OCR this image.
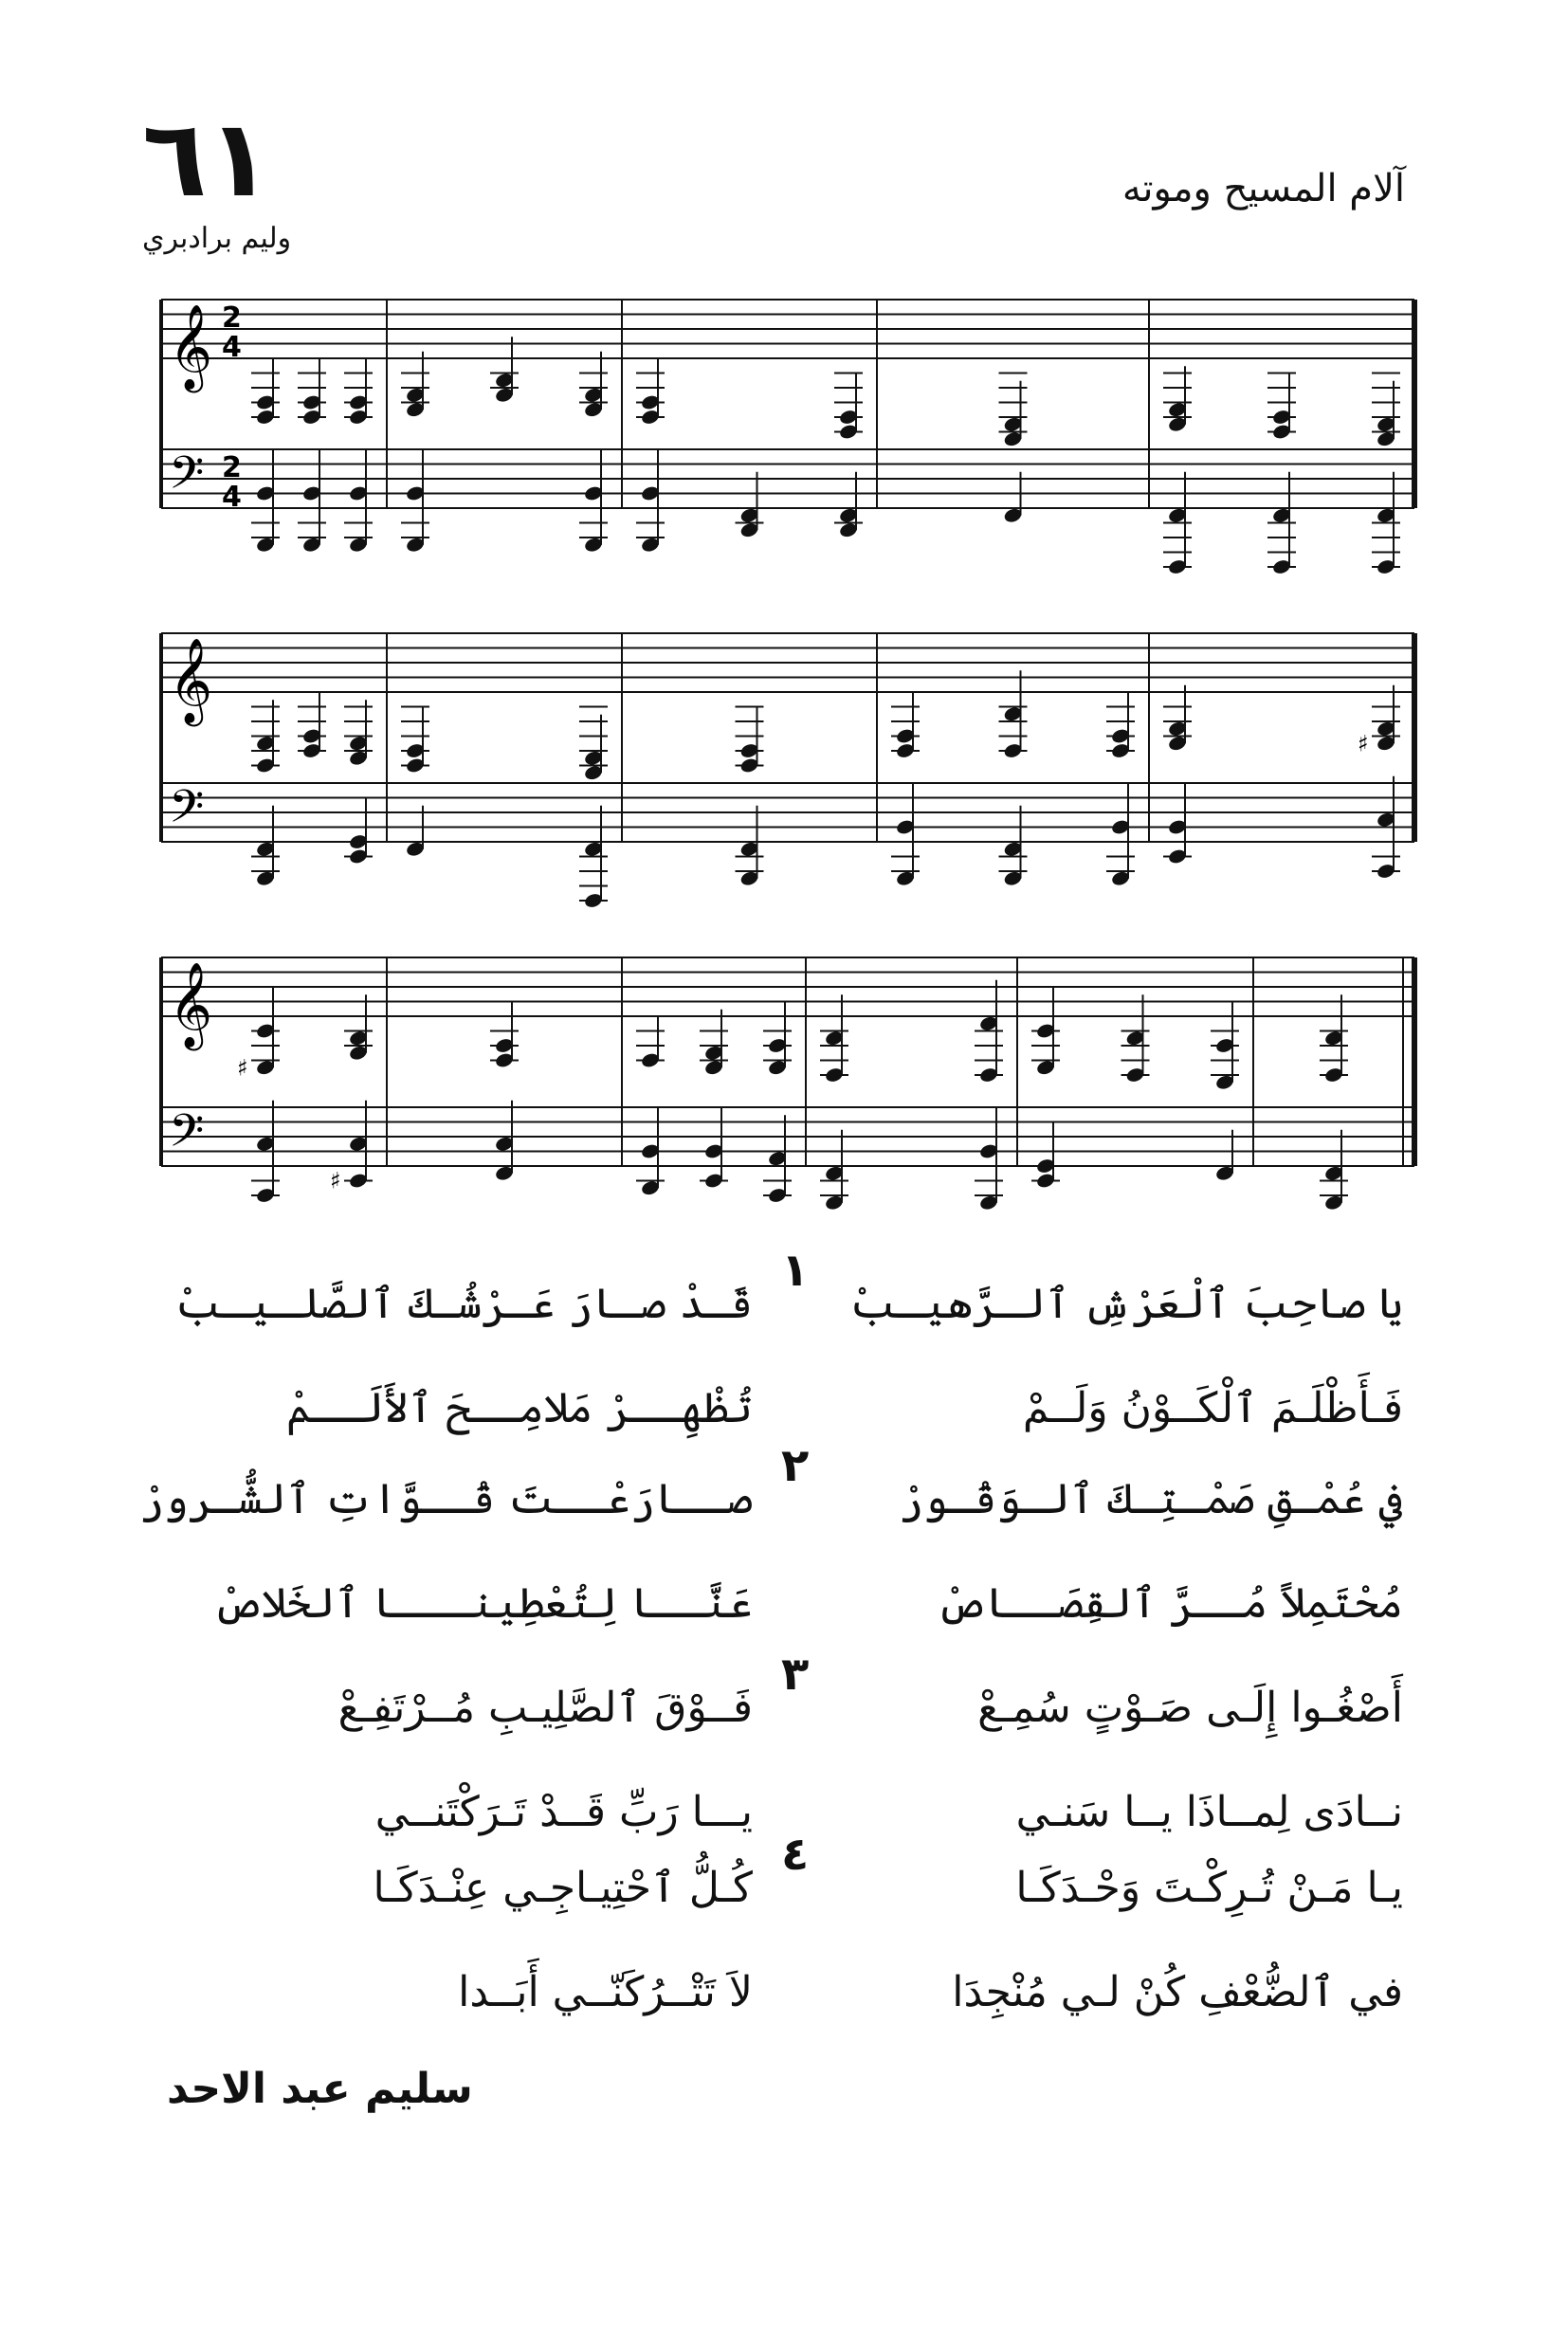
٦١	آلام المسيح وموته
ولیم برادبري
𝄞 2
4
𝄢 2
4
𝄞
𝄢
♯
𝄞
𝄢
♯
♯
١
يا صاحِبَ ٱلْعَرْشِ ٱلـرَّهيـبْ
قَـدْ صـارَ عَـرْشُـكَ ٱلصَّلـيـبْ
فَـأَظْلَـمَ ٱلْكَــوْنُ وَلَــمْ
تُظْهِــرْ مَلامِــحَ ٱلأَلَــمْ
٢
في عُمْـقِ صَمْـتِـكَ ٱلـوَقُـورْ
صــارَعْــتَ قُــوَّاتِ ٱلشُّـرورْ
مُحْتَمِلاً مُــرَّ ٱلقِصَــاصْ
عَنَّــا لِتُعْطِينـــا ٱلخَلاصْ
٣
أَصْغُـوا إِلَـى صَـوْتٍ سُمِـعْ
فَــوْقَ ٱلصَّلِيـبِ مُــرْتَفِـعْ
نــادَى لِمــاذَا يــا سَنـي
يـــا رَبِّ قَــدْ تَـرَكْتَنــي
٤
يـا مَـنْ تُـرِكْـتَ وَحْـدَكَـا
كُـلُّ ٱحْتِيـاجِـي عِنْـدَكَـا
في ٱلضُّعْفِ كُنْ لـي مُنْجِدَا
لاَ تَتْــرُكَنّــي أَبَــدا
سليم عبد الاحد
